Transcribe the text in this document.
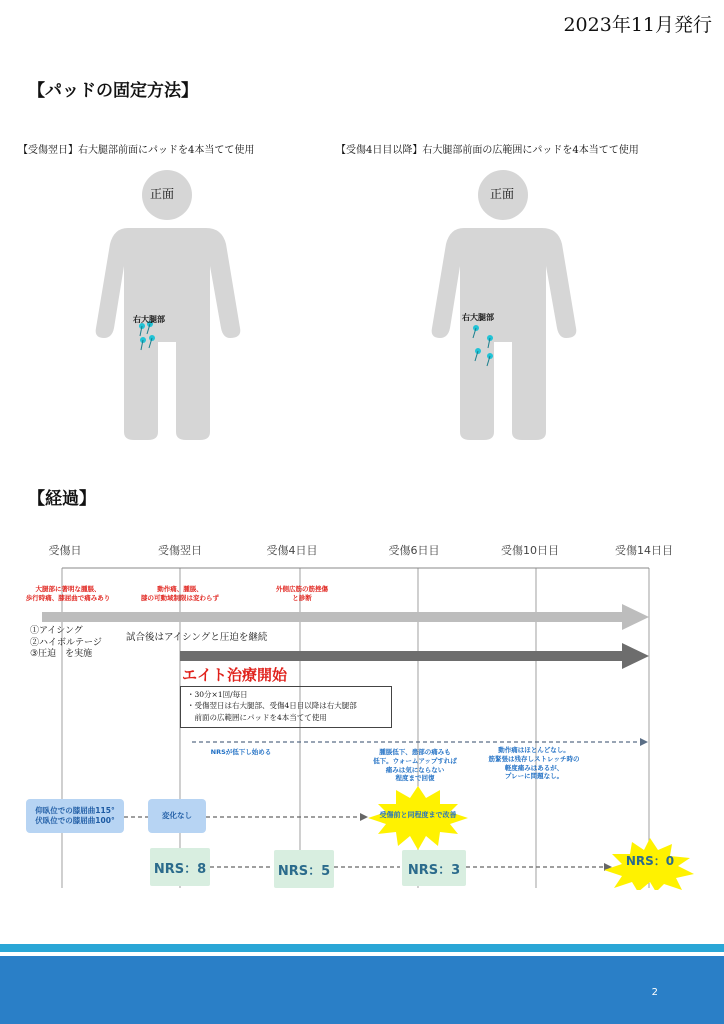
2023年11月発行
【パッドの固定方法】
【受傷翌日】右大腿部前面にパッドを4本当てて使用	【受傷4日目以降】右大腿部前面の広範囲にパッドを4本当てて使用
正面
右大腿部
正面
右大腿部
【経過】
受傷日	受傷翌日	受傷4日目	受傷6日目	受傷10日目	受傷14日目
大腿部に著明な腫脹、
歩行時痛、膝屈曲で痛みあり
動作痛、腫脹、
膝の可動域制限は変わらず
外側広筋の筋挫傷
と診断
①アイシング
②ハイボルテージ
③圧迫　を実施
試合後はアイシングと圧迫を継続
エイト治療開始
・30分×1回/毎日
・受傷翌日は右大腿部、受傷4日目以降は右大腿部
　前面の広範囲にパッドを4本当てて使用
NRSが低下し始める	腫脹低下、患部の痛みも
低下。ウォームアップすれば
痛みは気にならない
程度まで回復
動作痛はほとんどなし。
筋緊張は残存しストレッチ時の
軽度痛みはあるが、
プレーに問題なし。
仰臥位での膝屈曲115°
伏臥位での膝屈曲100°
変化なし	受傷前と同程度まで改善
NRS：8	NRS：5	NRS：3
NRS：0
2
